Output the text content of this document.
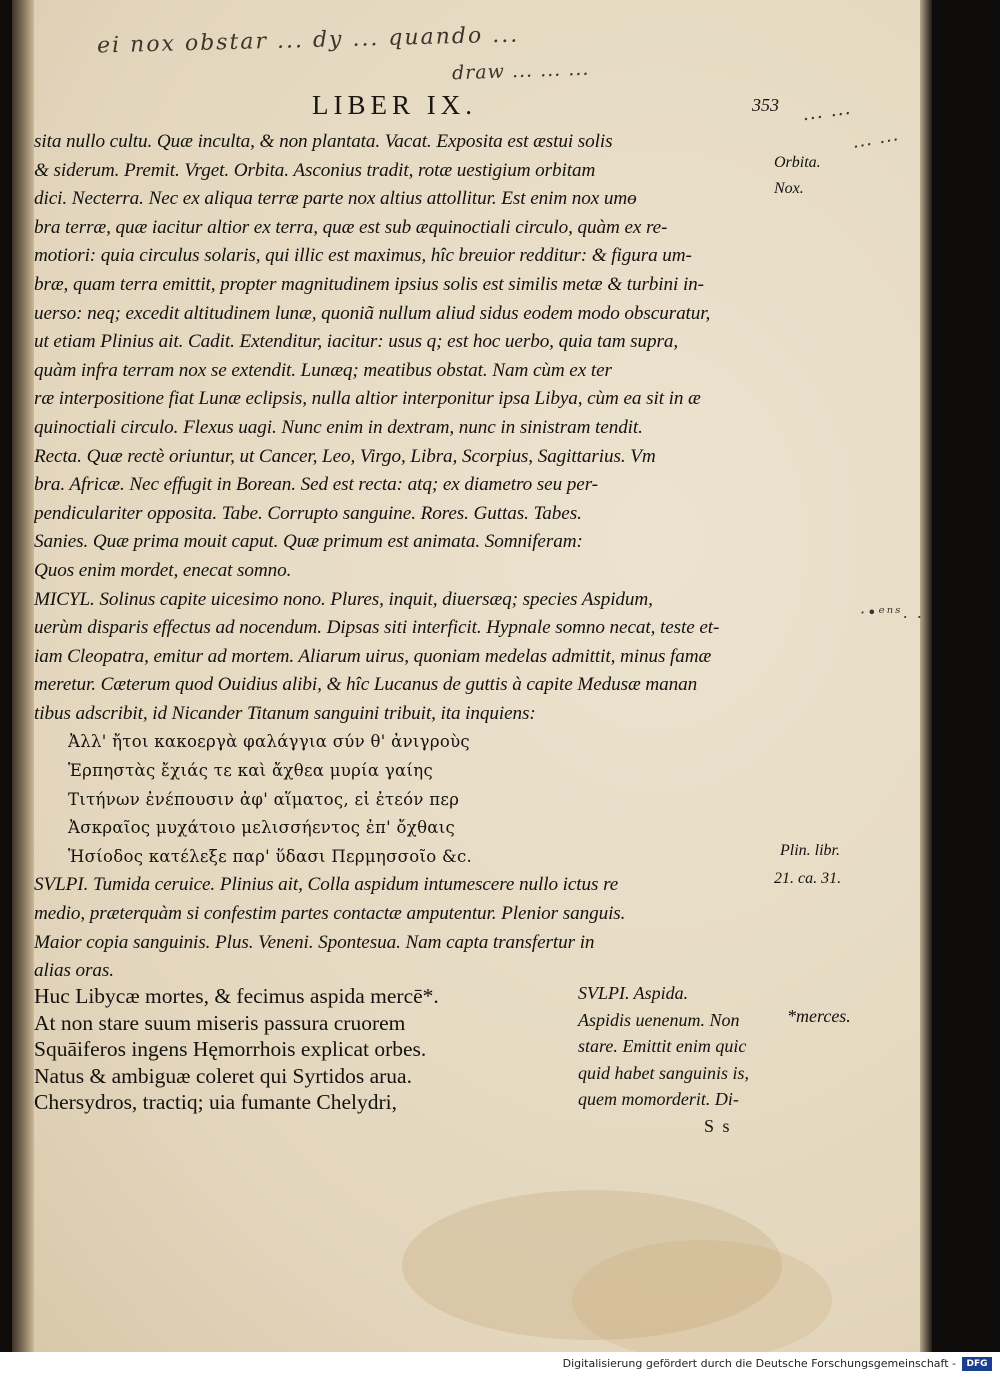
ei nox obstar ... dy ... quando ...
draw ... ... ...
... ...
... ...
·•ᵉⁿˢ. .
LIBER IX.	353
sita nullo cultu. Quæ inculta, & non plantata. Vacat. Exposita est æstui solis
& siderum. Premit. Vrget. Orbita. Asconius tradit, rotæ uestigium orbitam
dici. Necterra. Nec ex aliqua terræ parte nox altius attollitur. Est enim nox umɵ
bra terræ, quæ iacitur altior ex terra, quæ est sub æquinoctiali circulo, quàm ex re-
motiori: quia circulus solaris, qui illic est maximus, hîc breuior redditur: & figura um-
bræ, quam terra emittit, propter magnitudinem ipsius solis est similis metæ & turbini in-
uerso: neq; excedit altitudinem lunæ, quoniã nullum aliud sidus eodem modo obscuratur,
ut etiam Plinius ait. Cadit. Extenditur, iacitur: usus q; est hoc uerbo, quia tam supra,
quàm infra terram nox se extendit. Lunæq; meatibus obstat. Nam cùm ex ter
ræ interpositione fiat Lunæ eclipsis, nulla altior interponitur ipsa Libya, cùm ea sit in æ
quinoctiali circulo. Flexus uagi. Nunc enim in dextram, nunc in sinistram tendit.
Recta. Quæ rectè oriuntur, ut Cancer, Leo, Virgo, Libra, Scorpius, Sagittarius. Vm
bra. Africæ. Nec effugit in Borean. Sed est recta: atq; ex diametro seu per-
pendiculariter opposita. Tabe. Corrupto sanguine. Rores. Guttas. Tabes.
Sanies. Quæ prima mouit caput. Quæ primum est animata. Somniferam:
Quos enim mordet, enecat somno.
MICYL. Solinus capite uicesimo nono. Plures, inquit, diuersæq; species Aspidum,
uerùm disparis effectus ad nocendum. Dipsas siti interficit. Hypnale somno necat, teste et-
iam Cleopatra, emitur ad mortem. Aliarum uirus, quoniam medelas admittit, minus famæ
meretur. Cæterum quod Ouidius alibi, & hîc Lucanus de guttis à capite Medusæ manan
tibus adscribit, id Nicander Titanum sanguini tribuit, ita inquiens:
Ἀλλ' ἤτοι κακοεργὰ φαλάγγια σύν θ' ἀνιγροὺς
Ἑρπηστὰς ἔχιάς τε καὶ ἄχθεα μυρία γαίης
Τιτήνων ἐνέπουσιν ἀφ' αἵματος, εἰ ἐτεόν περ
Ἀσκραῖος μυχάτοιο μελισσήεντος ἐπ' ὄχθαις
Ἡσίοδος κατέλεξε παρ' ὕδασι Περμησσοῖο &c.
SVLPI. Tumida ceruice. Plinius ait, Colla aspidum intumescere nullo ictus re
medio, præterquàm si confestim partes contactæ amputentur. Plenior sanguis.
Maior copia sanguinis. Plus. Veneni. Spontesua. Nam capta transfertur in
alias oras.
Orbita.
Nox.
Plin. libr.
21. ca. 31.
Huc Libycæ mortes, & fecimus aspida mercē*.
At non stare suum miseris passura cruorem
Squāiferos ingens Hęmorrhois explicat orbes.
Natus & ambiguæ coleret qui Syrtidos arua.
Chersydros, tractiq; uia fumante Chelydri,
SVLPI. Aspida.
Aspidis uenenum. Non
stare. Emittit enim quic
quid habet sanguinis is,
quem momorderit. Di-
*merces.
S s
Digitalisierung gefördert durch die Deutsche Forschungsgemeinschaft -	DFG
